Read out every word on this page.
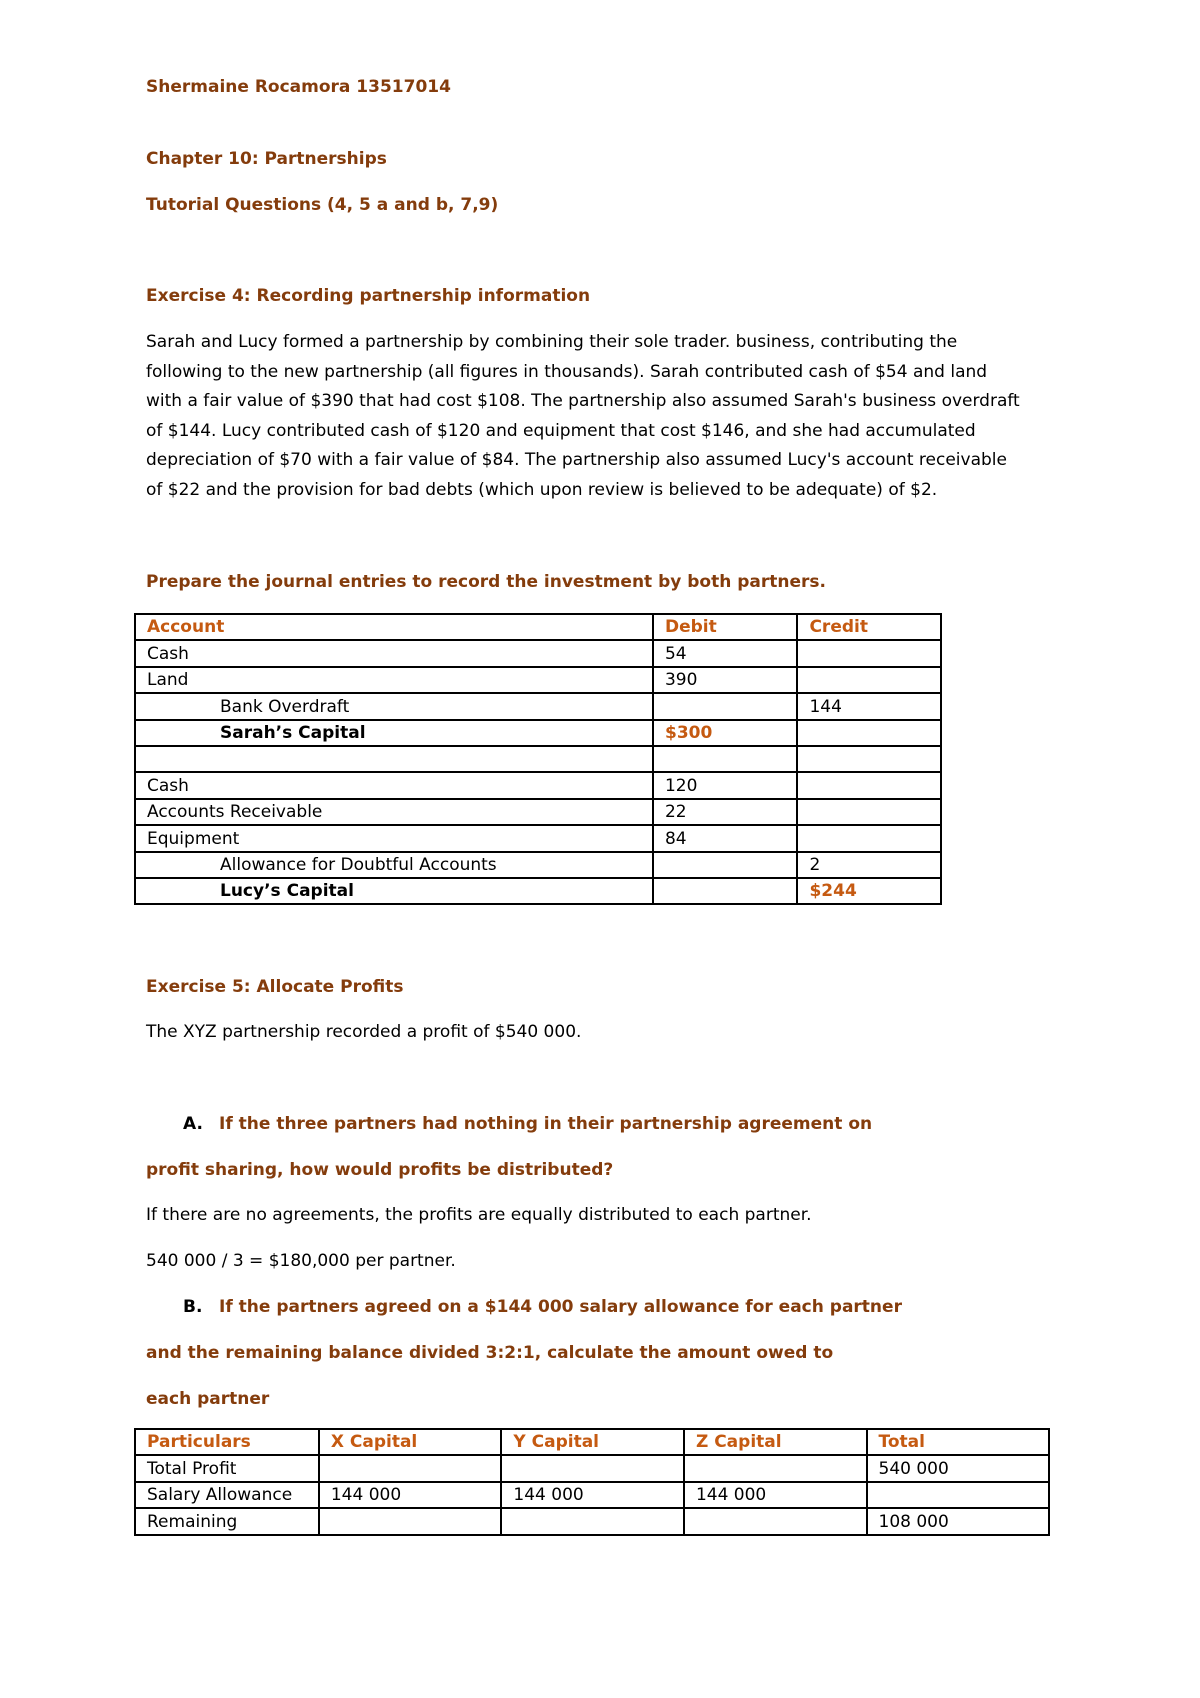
Shermaine Rocamora 13517014
Chapter 10: Partnerships
Tutorial Questions (4, 5 a and b, 7,9)
Exercise 4: Recording partnership information
Sarah and Lucy formed a partnership by combining their sole trader. business, contributing the
following to the new partnership (all figures in thousands). Sarah contributed cash of $54 and land
with a fair value of $390 that had cost $108. The partnership also assumed Sarah's business overdraft
of $144. Lucy contributed cash of $120 and equipment that cost $146, and she had accumulated
depreciation of $70 with a fair value of $84. The partnership also assumed Lucy's account receivable
of $22 and the provision for bad debts (which upon review is believed to be adequate) of $2.
Prepare the journal entries to record the investment by both partners.
Account	Debit	Credit
Cash	54	
Land	390	
Bank Overdraft		144
Sarah’s Capital	$300	

Cash	120	
Accounts Receivable	22	
Equipment	84	
Allowance for Doubtful Accounts		2
Lucy’s Capital		$244
Exercise 5: Allocate Profits
The XYZ partnership recorded a profit of $540 000.
A. If the three partners had nothing in their partnership agreement on
profit sharing, how would profits be distributed?
If there are no agreements, the profits are equally distributed to each partner.
540 000 / 3 = $180,000 per partner.
B. If the partners agreed on a $144 000 salary allowance for each partner
and the remaining balance divided 3:2:1, calculate the amount owed to
each partner
Particulars	X Capital	Y Capital	Z Capital	Total
Total Profit				540 000
Salary Allowance	144 000	144 000	144 000	
Remaining				108 000
